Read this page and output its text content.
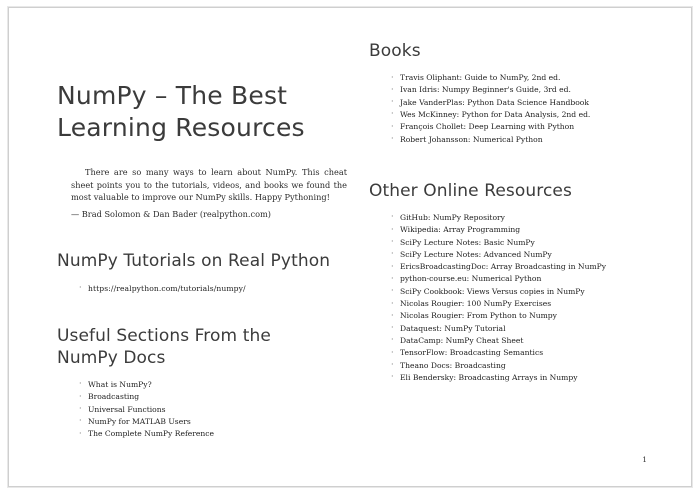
NumPy – The Best
Learning Resources

There are so many ways to learn about NumPy. This cheat sheet points you to the tutorials, videos, and books we found the most valuable to improve our NumPy skills. Happy Pythoning!

— Brad Solomon & Dan Bader (realpython.com)

NumPy Tutorials on Real Python
· https://realpython.com/tutorials/numpy/
Useful Sections From the
NumPy Docs
· What is NumPy?
· Broadcasting
· Universal Functions
· NumPy for MATLAB Users
· The Complete NumPy Reference
Books
· Travis Oliphant: Guide to NumPy, 2nd ed.
· Ivan Idris: Numpy Beginner's Guide, 3rd ed.
· Jake VanderPlas: Python Data Science Handbook
· Wes McKinney: Python for Data Analysis, 2nd ed.
· François Chollet: Deep Learning with Python
· Robert Johansson: Numerical Python
Other Online Resources
· GitHub: NumPy Repository
· Wikipedia: Array Programming
· SciPy Lecture Notes: Basic NumPy
· SciPy Lecture Notes: Advanced NumPy
· EricsBroadcastingDoc: Array Broadcasting in NumPy
· python-course.eu: Numerical Python
· SciPy Cookbook: Views Versus copies in NumPy
· Nicolas Rougier: 100 NumPy Exercises
· Nicolas Rougier: From Python to Numpy
· Dataquest: NumPy Tutorial
· DataCamp: NumPy Cheat Sheet
· TensorFlow: Broadcasting Semantics
· Theano Docs: Broadcasting
· Eli Bendersky: Broadcasting Arrays in Numpy
1
